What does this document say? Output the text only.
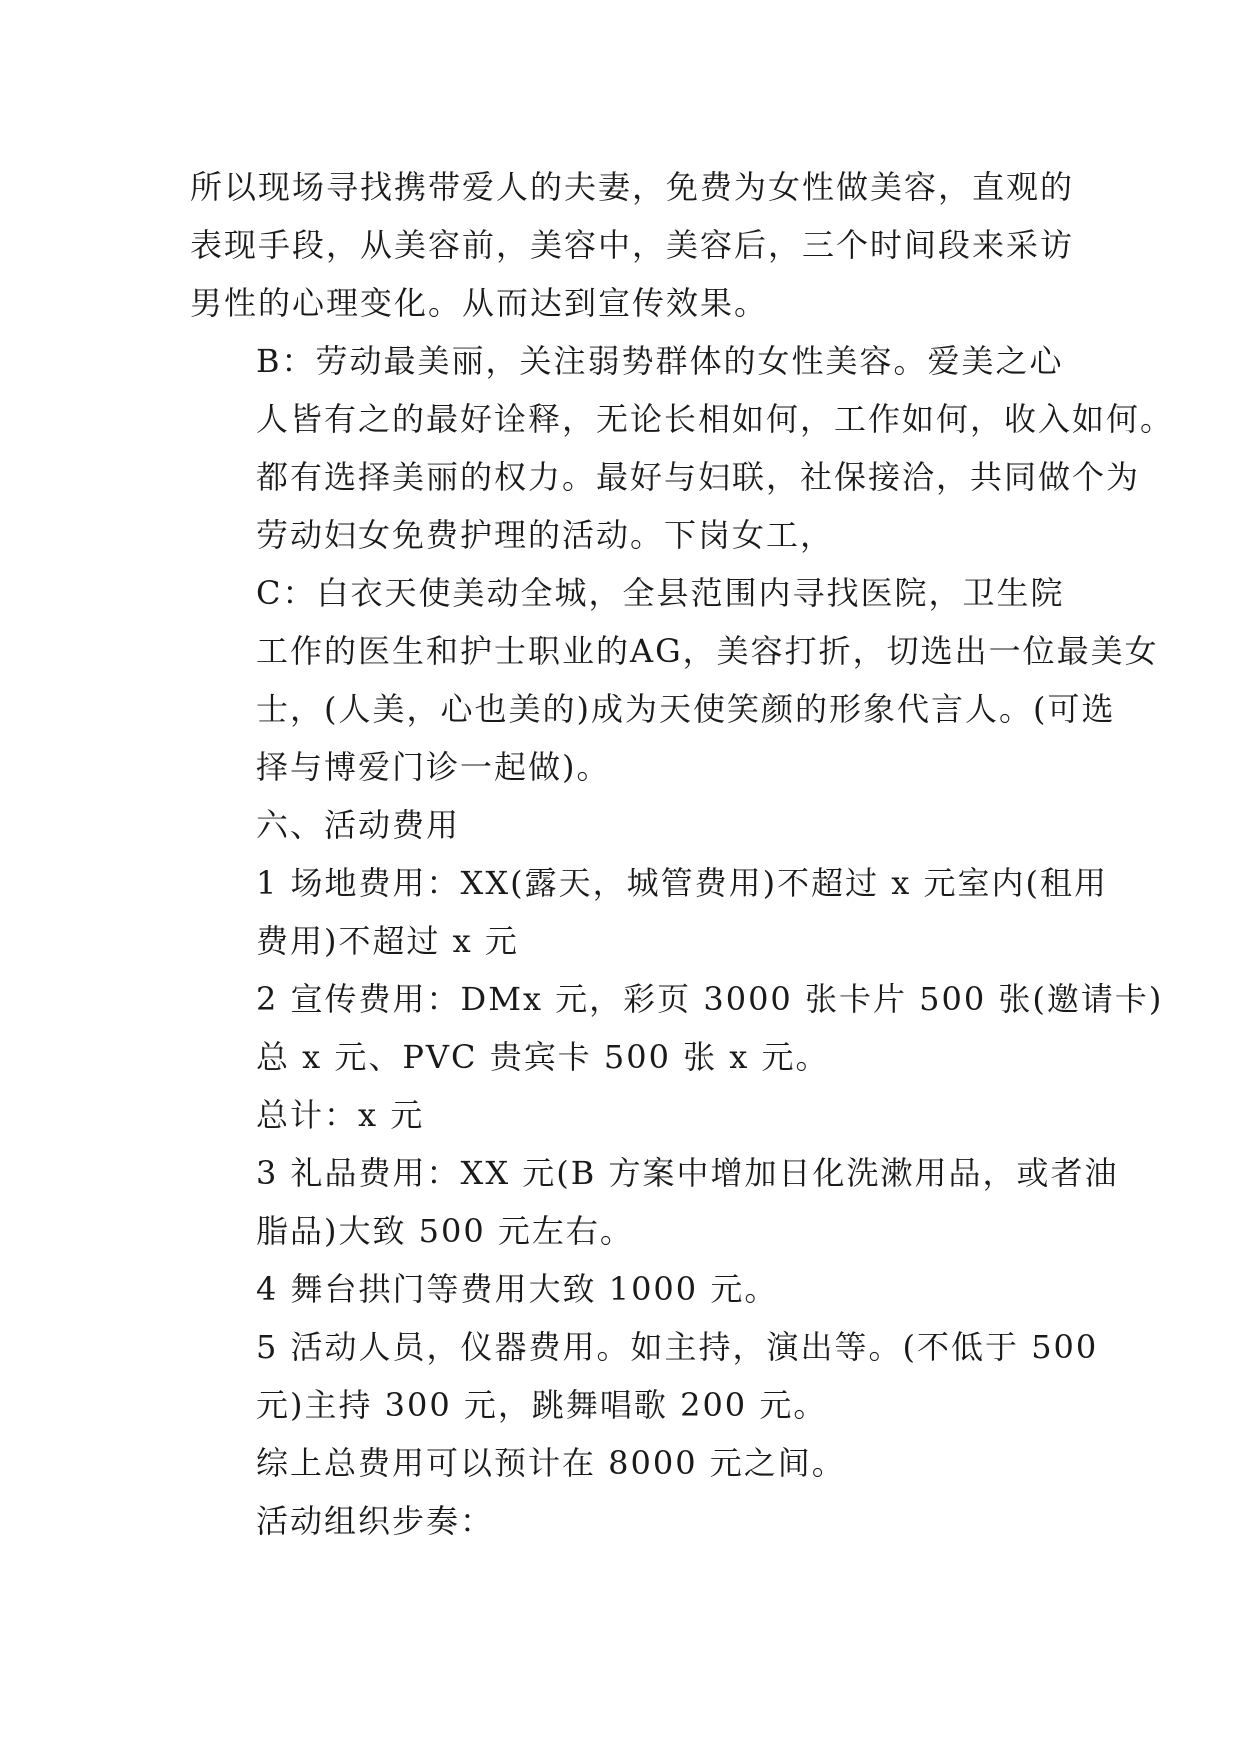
所以现场寻找携带爱人的夫妻，免费为女性做美容，直观的
表现手段，从美容前，美容中，美容后，三个时间段来采访
男性的心理变化。从而达到宣传效果。

B：劳动最美丽，关注弱势群体的女性美容。爱美之心
人皆有之的最好诠释，无论长相如何，工作如何，收入如何。
都有选择美丽的权力。最好与妇联，社保接洽，共同做个为
劳动妇女免费护理的活动。下岗女工，

C：白衣天使美动全城，全县范围内寻找医院，卫生院
工作的医生和护士职业的AG，美容打折，切选出一位最美女
士，(人美，心也美的)成为天使笑颜的形象代言人。(可选
择与博爱门诊一起做)。

六、活动费用

1 场地费用：XX(露天，城管费用)不超过 x 元室内(租用
费用)不超过 x 元

2 宣传费用：DMx 元，彩页 3000 张卡片 500 张(邀请卡)
总 x 元、PVC 贵宾卡 500 张 x 元。

总计：x 元

3 礼品费用：XX 元(B 方案中增加日化洗漱用品，或者油
脂品)大致 500 元左右。

4 舞台拱门等费用大致 1000 元。

5 活动人员，仪器费用。如主持，演出等。(不低于 500
元)主持 300 元，跳舞唱歌 200 元。

综上总费用可以预计在 8000 元之间。

活动组织步奏：
